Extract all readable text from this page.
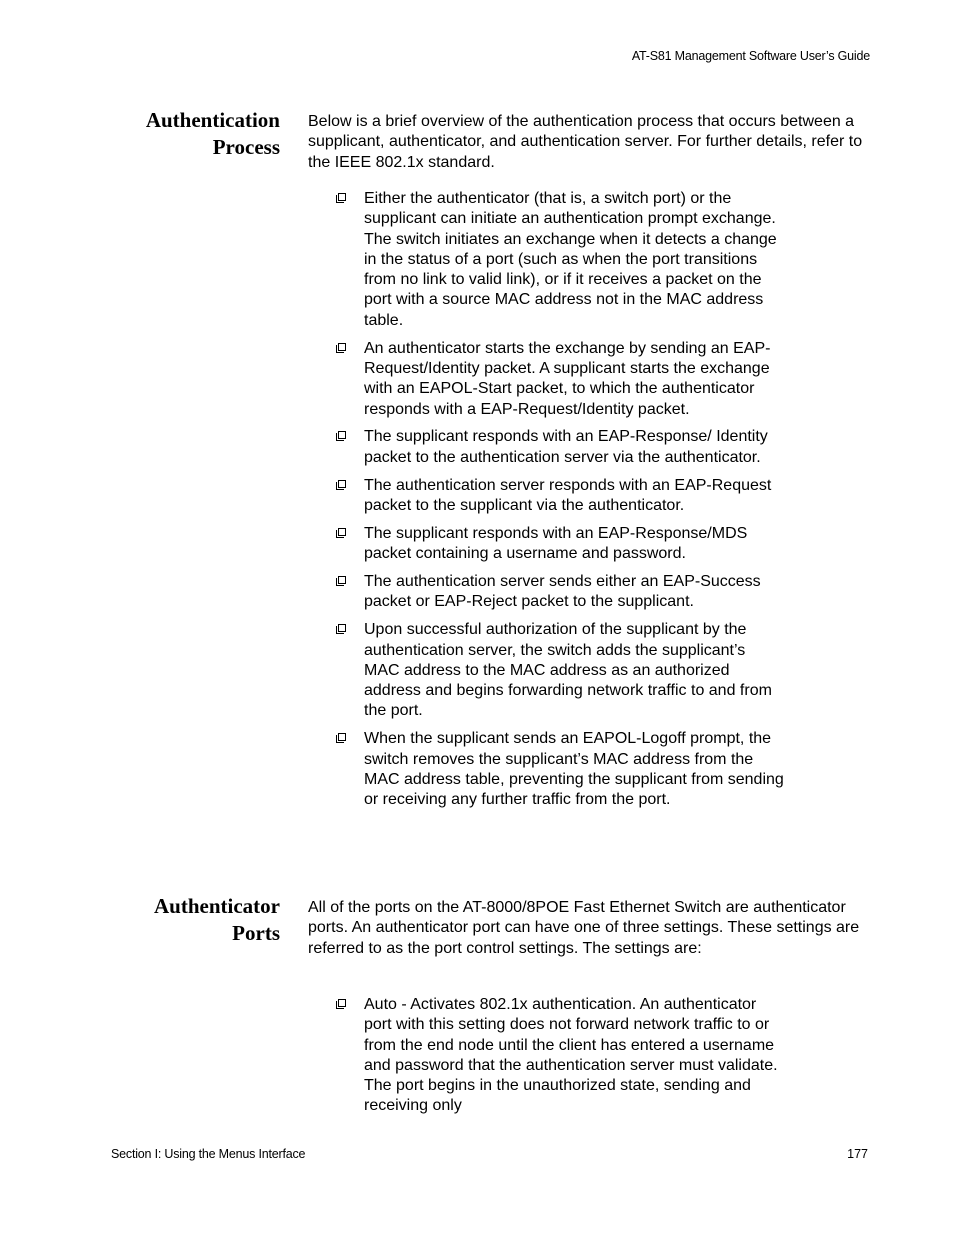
AT-S81 Management Software User’s Guide
Authentication
Process

Below is a brief overview of the authentication process that occurs between a supplicant, authenticator, and authentication server. For further details, refer to the IEEE 802.1x standard.

Either the authenticator (that is, a switch port) or the supplicant can initiate an authentication prompt exchange. The switch initiates an exchange when it detects a change in the status of a port (such as when the port transitions from no link to valid link), or if it receives a packet on the port with a source MAC address not in the MAC address table.
An authenticator starts the exchange by sending an EAP-Request/Identity packet. A supplicant starts the exchange with an EAPOL-Start packet, to which the authenticator responds with a EAP-Request/Identity packet.
The supplicant responds with an EAP-Response/ Identity packet to the authentication server via the authenticator.
The authentication server responds with an EAP-Request packet to the supplicant via the authenticator.
The supplicant responds with an EAP-Response/MDS packet containing a username and password.
The authentication server sends either an EAP-Success packet or EAP-Reject packet to the supplicant.
Upon successful authorization of the supplicant by the authentication server, the switch adds the supplicant’s MAC address to the MAC address as an authorized address and begins forwarding network traffic to and from the port.
When the supplicant sends an EAPOL-Logoff prompt, the switch removes the supplicant’s MAC address from the MAC address table, preventing the supplicant from sending or receiving any further traffic from the port.
Authenticator
Ports

All of the ports on the AT-8000/8POE Fast Ethernet Switch are authenticator ports. An authenticator port can have one of three settings. These settings are referred to as the port control settings. The settings are:

Auto - Activates 802.1x authentication. An authenticator port with this setting does not forward network traffic to or from the end node until the client has entered a username and password that the authentication server must validate. The port begins in the unauthorized state, sending and receiving only
Section I: Using the Menus Interface	177
